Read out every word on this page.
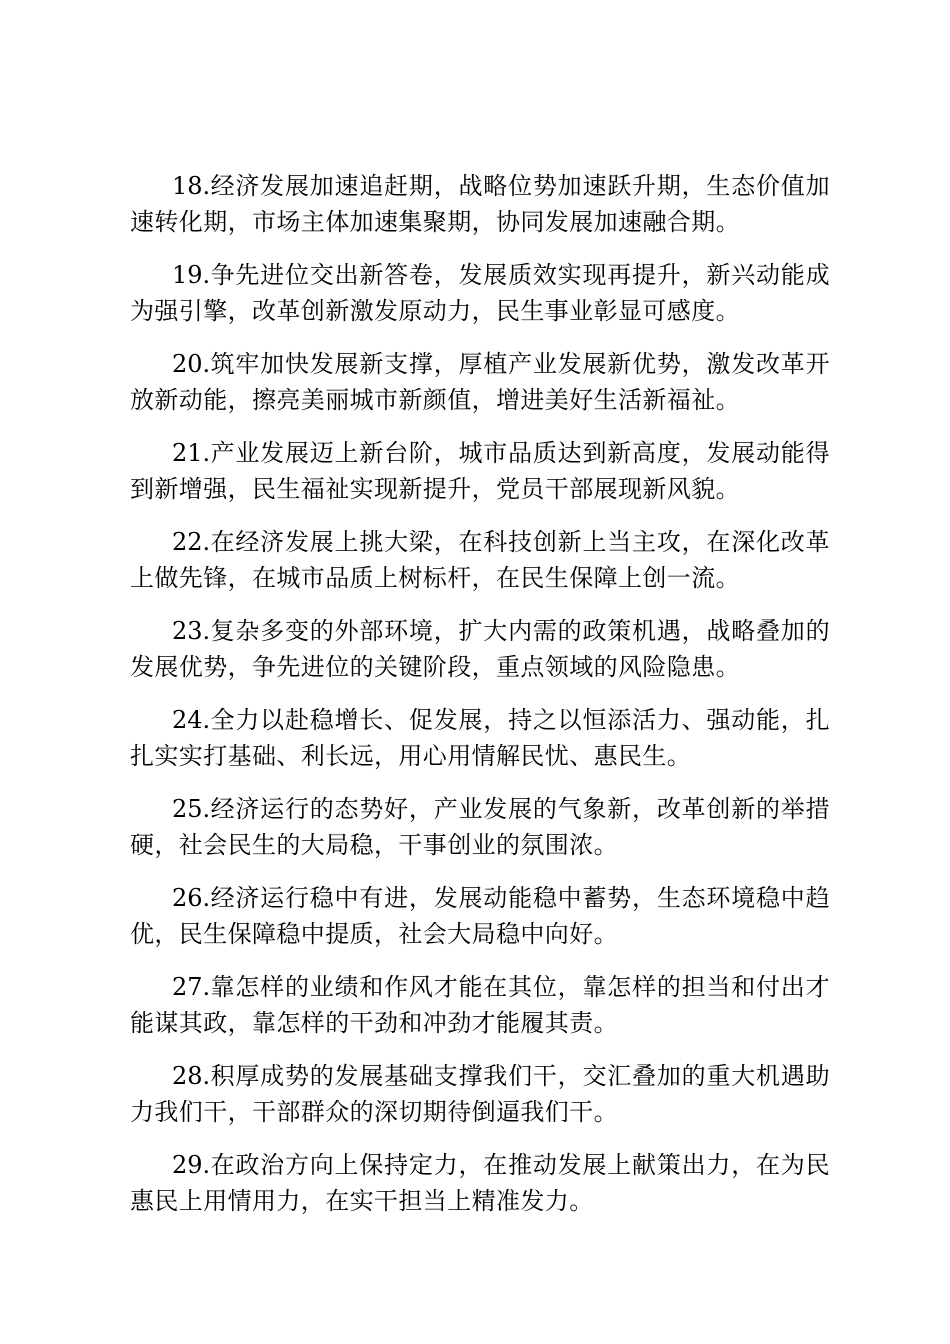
18.经济发展加速追赶期，战略位势加速跃升期，生态价值加速转化期，市场主体加速集聚期，协同发展加速融合期。

19.争先进位交出新答卷，发展质效实现再提升，新兴动能成为强引擎，改革创新激发原动力，民生事业彰显可感度。

20.筑牢加快发展新支撑，厚植产业发展新优势，激发改革开放新动能，擦亮美丽城市新颜值，增进美好生活新福祉。

21.产业发展迈上新台阶，城市品质达到新高度，发展动能得到新增强，民生福祉实现新提升，党员干部展现新风貌。

22.在经济发展上挑大梁，在科技创新上当主攻，在深化改革上做先锋，在城市品质上树标杆，在民生保障上创一流。

23.复杂多变的外部环境，扩大内需的政策机遇，战略叠加的发展优势，争先进位的关键阶段，重点领域的风险隐患。

24.全力以赴稳增长、促发展，持之以恒添活力、强动能，扎扎实实打基础、利长远，用心用情解民忧、惠民生。

25.经济运行的态势好，产业发展的气象新，改革创新的举措硬，社会民生的大局稳，干事创业的氛围浓。

26.经济运行稳中有进，发展动能稳中蓄势，生态环境稳中趋优，民生保障稳中提质，社会大局稳中向好。

27.靠怎样的业绩和作风才能在其位，靠怎样的担当和付出才能谋其政，靠怎样的干劲和冲劲才能履其责。

28.积厚成势的发展基础支撑我们干，交汇叠加的重大机遇助力我们干，干部群众的深切期待倒逼我们干。

29.在政治方向上保持定力，在推动发展上献策出力，在为民惠民上用情用力，在实干担当上精准发力。
